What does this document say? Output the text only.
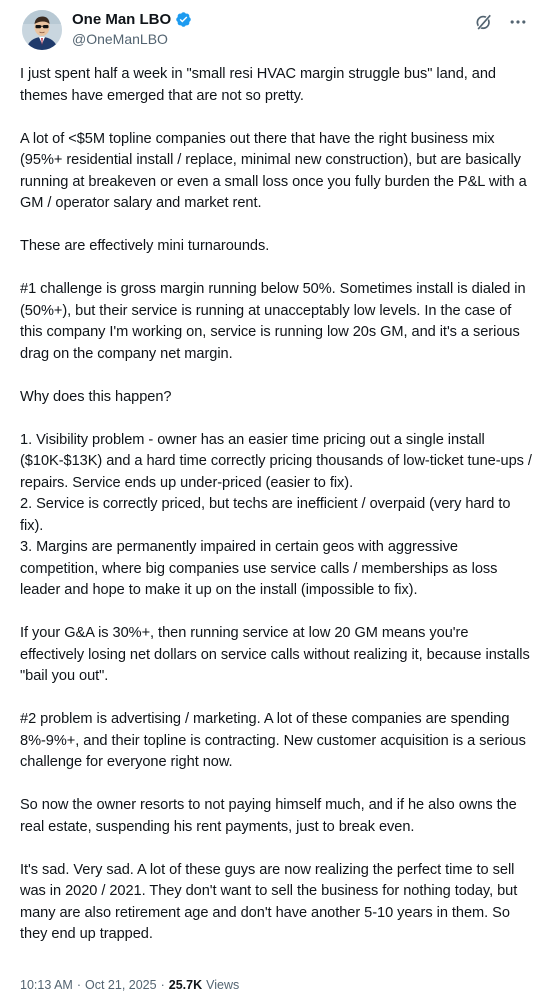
One Man LBO
@OneManLBO

I just spent half a week in "small resi HVAC margin struggle bus" land, and themes have emerged that are not so pretty.

A lot of <$5M topline companies out there that have the right business mix (95%+ residential install / replace, minimal new construction), but are basically running at breakeven or even a small loss once you fully burden the P&L with a GM / operator salary and market rent.

These are effectively mini turnarounds.

#1 challenge is gross margin running below 50%. Sometimes install is dialed in (50%+), but their service is running at unacceptably low levels. In the case of this company I'm working on, service is running low 20s GM, and it's a serious drag on the company net margin.

Why does this happen?

1. Visibility problem - owner has an easier time pricing out a single install ($10K-$13K) and a hard time correctly pricing thousands of low-ticket tune-ups / repairs. Service ends up under-priced (easier to fix).
2. Service is correctly priced, but techs are inefficient / overpaid (very hard to fix).
3. Margins are permanently impaired in certain geos with aggressive competition, where big companies use service calls / memberships as loss leader and hope to make it up on the install (impossible to fix).

If your G&A is 30%+, then running service at low 20 GM means you're effectively losing net dollars on service calls without realizing it, because installs "bail you out".

#2 problem is advertising / marketing. A lot of these companies are spending 8%-9%+, and their topline is contracting. New customer acquisition is a serious challenge for everyone right now.

So now the owner resorts to not paying himself much, and if he also owns the real estate, suspending his rent payments, just to break even.

It's sad. Very sad. A lot of these guys are now realizing the perfect time to sell was in 2020 / 2021. They don't want to sell the business for nothing today, but many are also retirement age and don't have another 5-10 years in them. So they end up trapped.

10:13 AM · Oct 21, 2025 · 25.7K Views
